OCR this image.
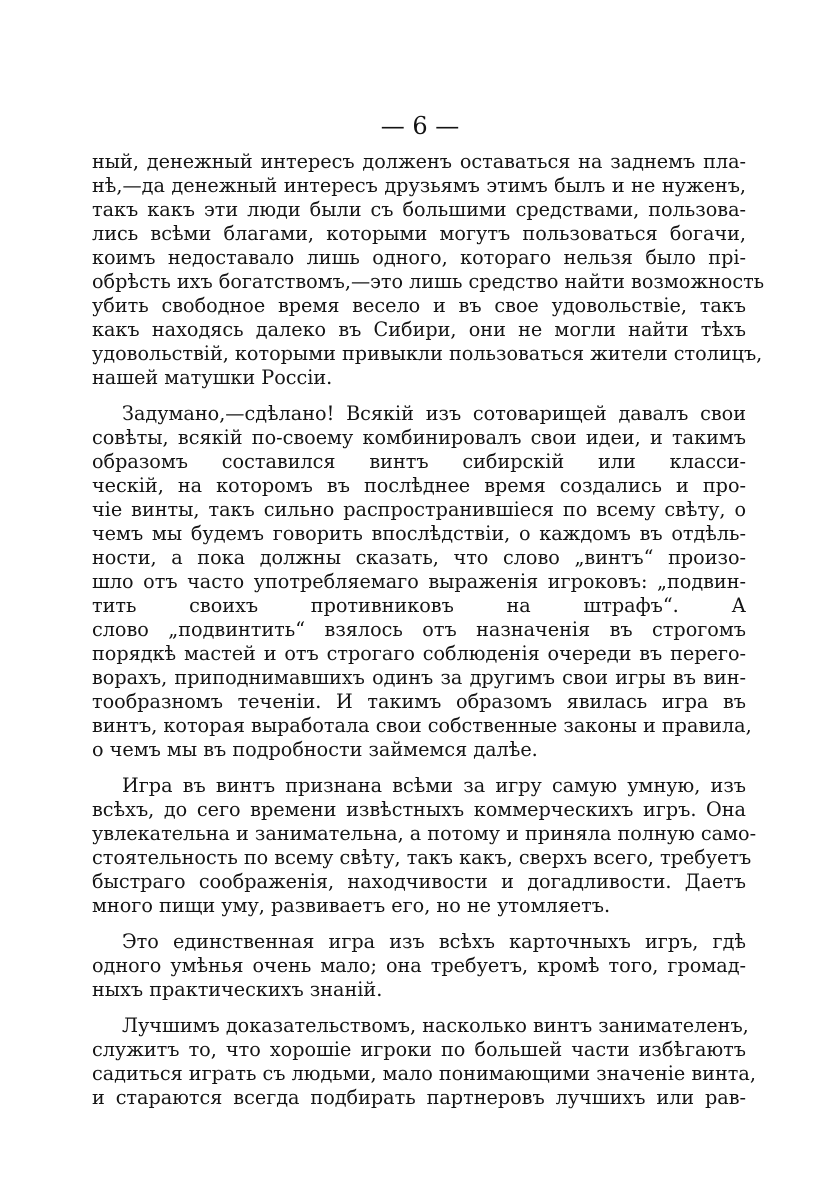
— 6 —
ный, денежный интересъ долженъ оставаться на заднемъ пла-
нѣ,—да денежный интересъ друзьямъ этимъ былъ и не нуженъ,
такъ какъ эти люди были съ большими средствами, пользова-
лись всѣми благами, которыми могутъ пользоваться богачи,
коимъ недоставало лишь одного, котораго нельзя было прі-
обрѣсть ихъ богатствомъ,—это лишь средство найти возможность
убить свободное время весело и въ свое удовольствіе, такъ
какъ находясь далеко въ Сибири, они не могли найти тѣхъ
удовольствій, которыми привыкли пользоваться жители столицъ,
нашей матушки Россіи.
Задумано,—сдѣлано! Всякій изъ сотоварищей давалъ свои
совѣты, всякій по-своему комбинировалъ свои идеи, и такимъ
образомъ составился винтъ сибирскій или класси-
ческій, на которомъ въ послѣднее время создались и про-
чіе винты, такъ сильно распространившіеся по всему свѣту, о
чемъ мы будемъ говорить впослѣдствіи, о каждомъ въ отдѣль-
ности, а пока должны сказать, что слово „винтъ“ произо-
шло отъ часто употребляемаго выраженія игроковъ: „подвин-
тить своихъ противниковъ на штрафъ“. А
слово „подвинтить“ взялось отъ назначенія въ строгомъ
порядкѣ мастей и отъ строгаго соблюденія очереди въ перего-
ворахъ, приподнимавшихъ одинъ за другимъ свои игры въ вин-
тообразномъ теченіи. И такимъ образомъ явилась игра въ
винтъ, которая выработала свои собственные законы и правила,
о чемъ мы въ подробности займемся далѣе.
Игра въ винтъ признана всѣми за игру самую умную, изъ
всѣхъ, до сего времени извѣстныхъ коммерческихъ игръ. Она
увлекательна и занимательна, а потому и приняла полную само-
стоятельность по всему свѣту, такъ какъ, сверхъ всего, требуетъ
быстраго соображенія, находчивости и догадливости. Даетъ
много пищи уму, развиваетъ его, но не утомляетъ.
Это единственная игра изъ всѣхъ карточныхъ игръ, гдѣ
одного умѣнья очень мало; она требуетъ, кромѣ того, громад-
ныхъ практическихъ знаній.
Лучшимъ доказательствомъ, насколько винтъ занимателенъ,
служитъ то, что хорошіе игроки по большей части избѣгаютъ
садиться играть съ людьми, мало понимающими значеніе винта,
и стараются всегда подбирать партнеровъ лучшихъ или рав-
